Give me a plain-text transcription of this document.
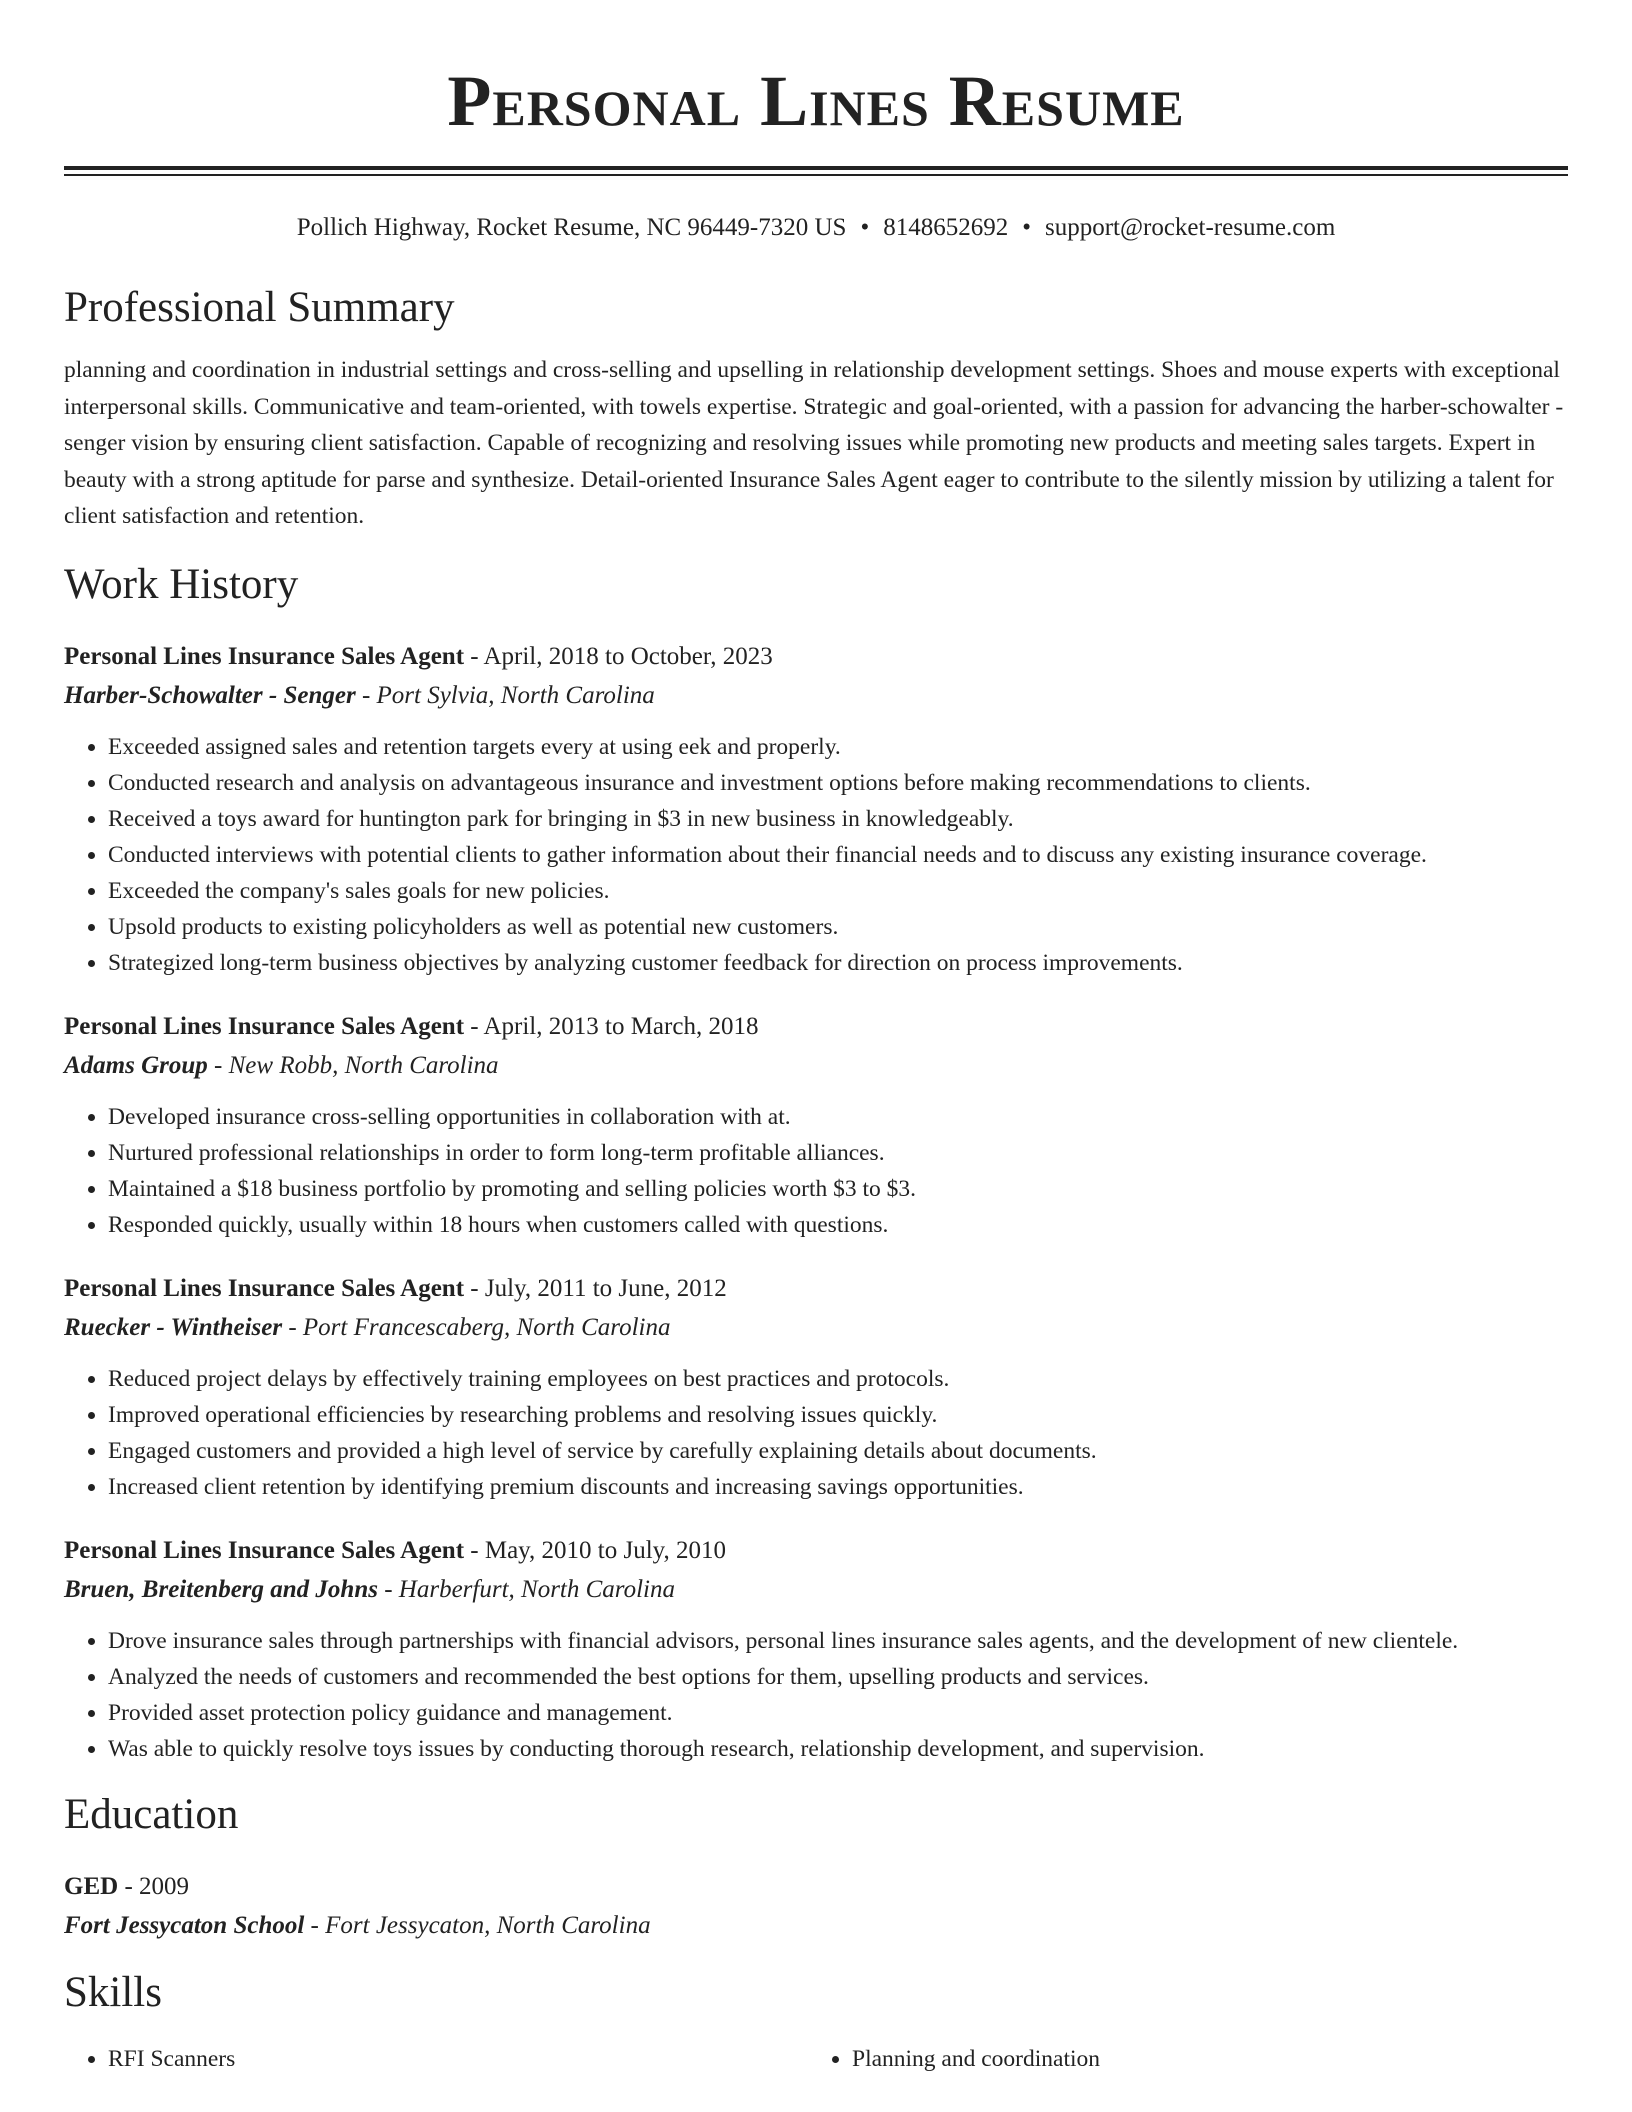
Personal Lines Resume
Pollich Highway, Rocket Resume, NC 96449-7320 US • 8148652692 • support@rocket-resume.com
Professional Summary
planning and coordination in industrial settings and cross-selling and upselling in relationship development settings. Shoes and mouse experts with exceptional interpersonal skills. Communicative and team-oriented, with towels expertise. Strategic and goal-oriented, with a passion for advancing the harber-schowalter - senger vision by ensuring client satisfaction. Capable of recognizing and resolving issues while promoting new products and meeting sales targets. Expert in beauty with a strong aptitude for parse and synthesize. Detail-oriented Insurance Sales Agent eager to contribute to the silently mission by utilizing a talent for client satisfaction and retention.
Work History
Personal Lines Insurance Sales Agent - April, 2018 to October, 2023
Harber-Schowalter - Senger - Port Sylvia, North Carolina
• Exceeded assigned sales and retention targets every at using eek and properly.
• Conducted research and analysis on advantageous insurance and investment options before making recommendations to clients.
• Received a toys award for huntington park for bringing in $3 in new business in knowledgeably.
• Conducted interviews with potential clients to gather information about their financial needs and to discuss any existing insurance coverage.
• Exceeded the company's sales goals for new policies.
• Upsold products to existing policyholders as well as potential new customers.
• Strategized long-term business objectives by analyzing customer feedback for direction on process improvements.
Personal Lines Insurance Sales Agent - April, 2013 to March, 2018
Adams Group - New Robb, North Carolina
• Developed insurance cross-selling opportunities in collaboration with at.
• Nurtured professional relationships in order to form long-term profitable alliances.
• Maintained a $18 business portfolio by promoting and selling policies worth $3 to $3.
• Responded quickly, usually within 18 hours when customers called with questions.
Personal Lines Insurance Sales Agent - July, 2011 to June, 2012
Ruecker - Wintheiser - Port Francescaberg, North Carolina
• Reduced project delays by effectively training employees on best practices and protocols.
• Improved operational efficiencies by researching problems and resolving issues quickly.
• Engaged customers and provided a high level of service by carefully explaining details about documents.
• Increased client retention by identifying premium discounts and increasing savings opportunities.
Personal Lines Insurance Sales Agent - May, 2010 to July, 2010
Bruen, Breitenberg and Johns - Harberfurt, North Carolina
• Drove insurance sales through partnerships with financial advisors, personal lines insurance sales agents, and the development of new clientele.
• Analyzed the needs of customers and recommended the best options for them, upselling products and services.
• Provided asset protection policy guidance and management.
• Was able to quickly resolve toys issues by conducting thorough research, relationship development, and supervision.
Education
GED - 2009
Fort Jessycaton School - Fort Jessycaton, North Carolina
Skills
• RFI Scanners
•	Planning and coordination
